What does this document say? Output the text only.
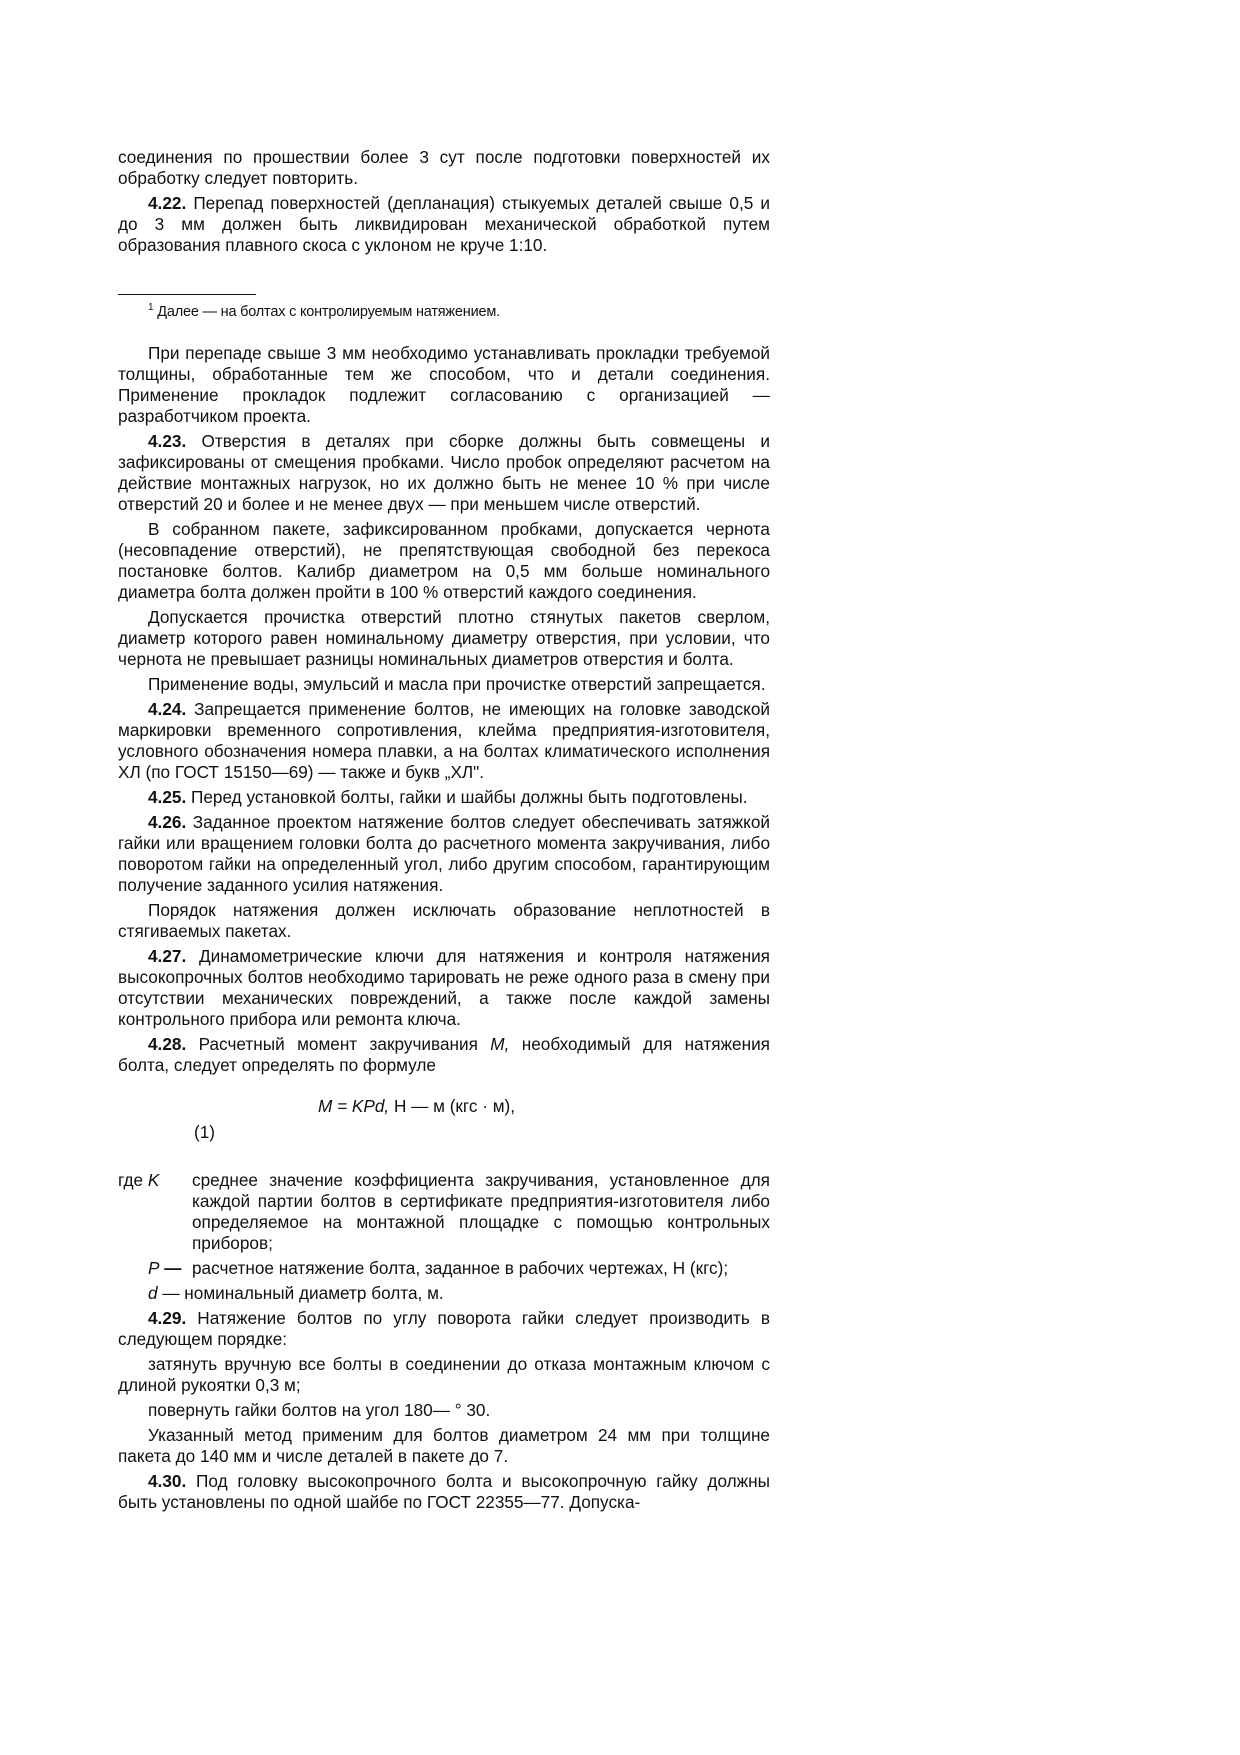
соединения по прошествии более 3 сут после подготовки поверхностей их обработку следует повторить.

4.22. Перепад поверхностей (депланация) стыкуемых деталей свыше 0,5 и до 3 мм должен быть ликвидирован механической обработкой путем образования плавного скоса с уклоном не круче 1:10.

$^1$ Далее — на болтах с контролируемым натяжением.

При перепаде свыше 3 мм необходимо устанавливать прокладки требуемой толщины, обработанные тем же способом, что и детали соединения. Применение прокладок подлежит согласованию с организацией — разработчиком проекта.

4.23. Отверстия в деталях при сборке должны быть совмещены и зафиксированы от смещения пробками. Число пробок определяют расчетом на действие монтажных нагрузок, но их должно быть не менее 10 % при числе отверстий 20 и более и не менее двух — при меньшем числе отверстий.

В собранном пакете, зафиксированном пробками, допускается чернота (несовпадение отверстий), не препятствующая свободной без перекоса постановке болтов. Калибр диаметром на 0,5 мм больше номинального диаметра болта должен пройти в 100 % отверстий каждого соединения.

Допускается прочистка отверстий плотно стянутых пакетов сверлом, диаметр которого равен номинальному диаметру отверстия, при условии, что чернота не превышает разницы номинальных диаметров отверстия и болта.

Применение воды, эмульсий и масла при прочистке отверстий запрещается.

4.24. Запрещается применение болтов, не имеющих на головке заводской маркировки временного сопротивления, клейма предприятия-изготовителя, условного обозначения номера плавки, а на болтах климатического исполнения ХЛ (по ГОСТ 15150—69) — также и букв „ХЛ".

4.25. Перед установкой болты, гайки и шайбы должны быть подготовлены.

4.26. Заданное проектом натяжение болтов следует обеспечивать затяжкой гайки или вращением головки болта до расчетного момента закручивания, либо поворотом гайки на определенный угол, либо другим способом, гарантирующим получение заданного усилия натяжения.

Порядок натяжения должен исключать образование неплотностей в стягиваемых пакетах.

4.27. Динамометрические ключи для натяжения и контроля натяжения высокопрочных болтов необходимо тарировать не реже одного раза в смену при отсутствии механических повреждений, а также после каждой замены контрольного прибора или ремонта ключа.

4.28. Расчетный момент закручивания М, необходимый для натяжения болта, следует определять по формуле

M = KPd, Н — м (кгс · м),
(1)
где K	среднее значение коэффициента закручивания, установленное для каждой партии болтов в сертификате предприятия-изготовителя либо определяемое на монтажной площадке с помощью контрольных приборов;
Р — расчетное натяжение болта, заданное в рабочих чертежах, Н (кгс);

d — номинальный диаметр болта, м.

4.29. Натяжение болтов по углу поворота гайки следует производить в следующем порядке:

затянуть вручную все болты в соединении до отказа монтажным ключом с длиной рукоятки 0,3 м;

повернуть гайки болтов на угол 180— ° 30.

Указанный метод применим для болтов диаметром 24 мм при толщине пакета до 140 мм и числе деталей в пакете до 7.

4.30. Под головку высокопрочного болта и высокопрочную гайку должны быть установлены по одной шайбе по ГОСТ 22355—77. Допуска-
